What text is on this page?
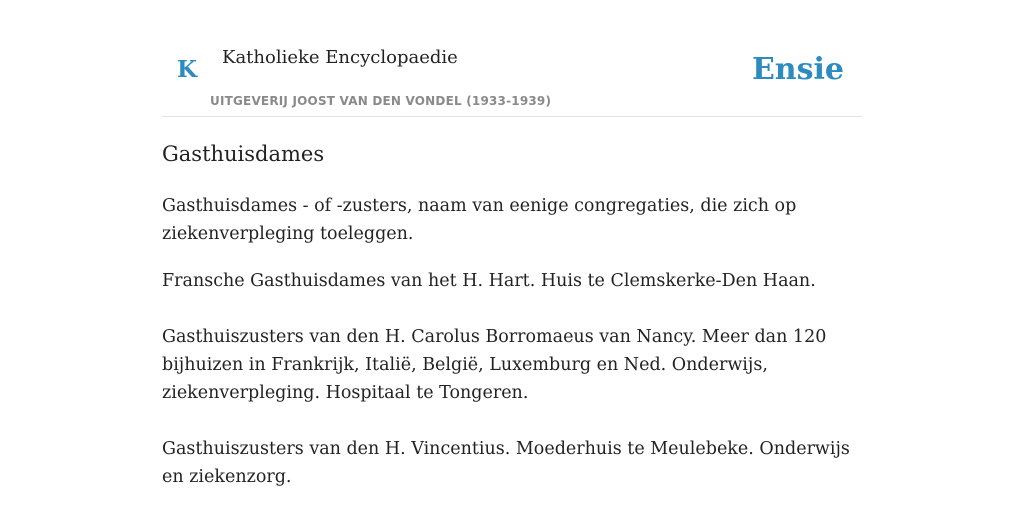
K Katholieke Encyclopaedie
UITGEVERIJ JOOST VAN DEN VONDEL (1933-1939)
Ensie
Gasthuisdames

Gasthuisdames - of -zusters, naam van eenige congregaties, die zich op ziekenverpleging toeleggen.

Fransche Gasthuisdames van het H. Hart. Huis te Clemskerke-Den Haan.

Gasthuiszusters van den H. Carolus Borromaeus van Nancy. Meer dan 120 bijhuizen in Frankrijk, Italië, België, Luxemburg en Ned. Onderwijs, ziekenverpleging. Hospitaal te Tongeren.

Gasthuiszusters van den H. Vincentius. Moederhuis te Meulebeke. Onderwijs en ziekenzorg.
